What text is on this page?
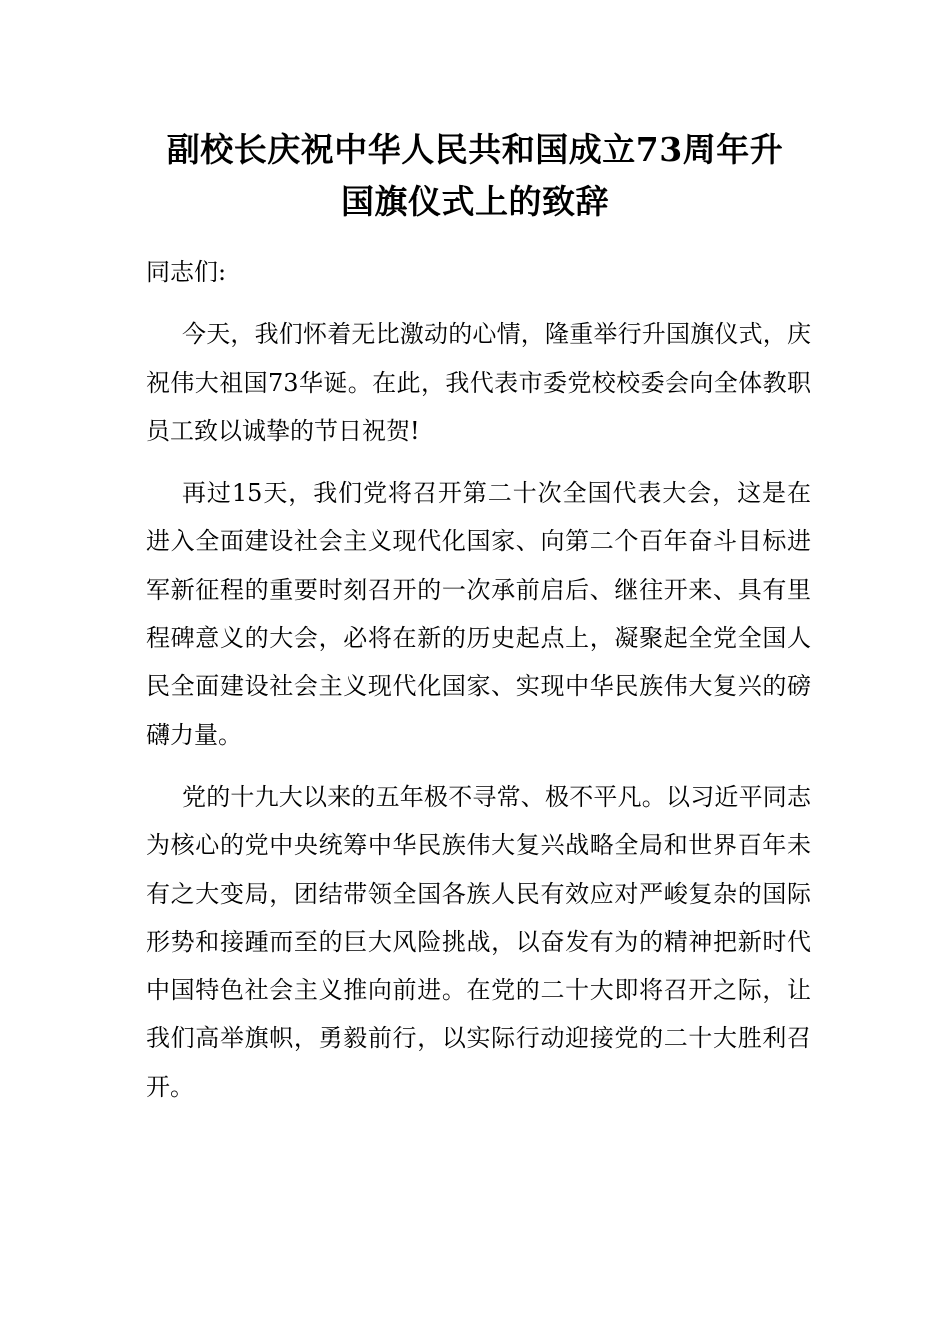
副校长庆祝中华人民共和国成立73周年升
国旗仪式上的致辞

同志们:

今天，我们怀着无比激动的心情，隆重举行升国旗仪式，庆祝伟大祖国73华诞。在此，我代表市委党校校委会向全体教职员工致以诚挚的节日祝贺!

再过15天，我们党将召开第二十次全国代表大会，这是在进入全面建设社会主义现代化国家、向第二个百年奋斗目标进军新征程的重要时刻召开的一次承前启后、继往开来、具有里程碑意义的大会，必将在新的历史起点上，凝聚起全党全国人民全面建设社会主义现代化国家、实现中华民族伟大复兴的磅礴力量。

党的十九大以来的五年极不寻常、极不平凡。以习近平同志为核心的党中央统筹中华民族伟大复兴战略全局和世界百年未有之大变局，团结带领全国各族人民有效应对严峻复杂的国际形势和接踵而至的巨大风险挑战，以奋发有为的精神把新时代中国特色社会主义推向前进。在党的二十大即将召开之际，让我们高举旗帜，勇毅前行，以实际行动迎接党的二十大胜利召开。
